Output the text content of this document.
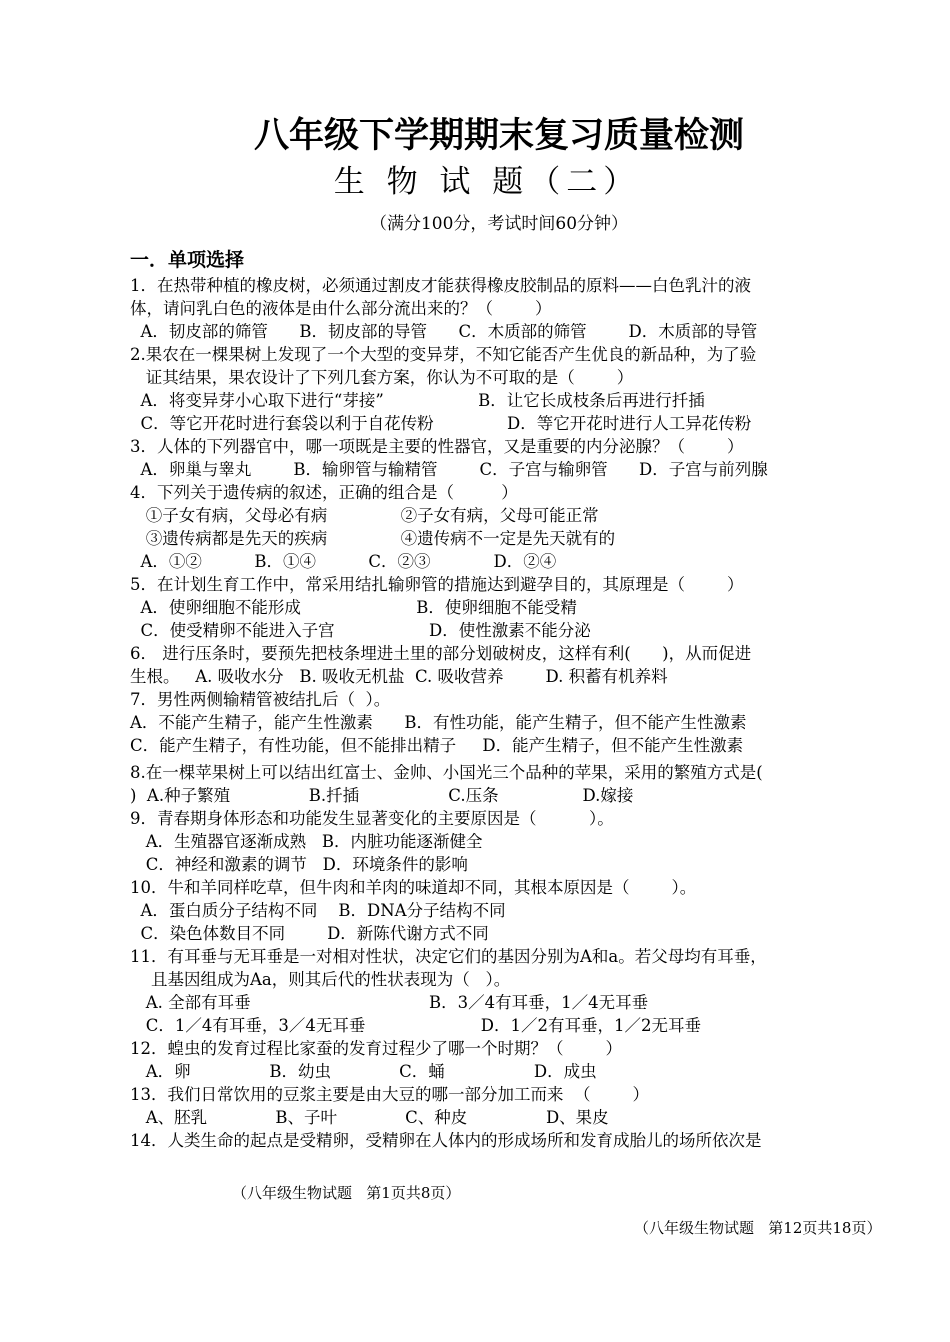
八年级下学期期末复习质量检测
生 物 试 题（二）
（满分100分，考试时间60分钟）
一．单项选择
1．在热带种植的橡皮树，必须通过割皮才能获得橡皮胶制品的原料——白色乳汁的液
体，请问乳白色的液体是由什么部分流出来的？（        ）
A．韧皮部的筛管      B．韧皮部的导管      C．木质部的筛管        D．木质部的导管
2.果农在一棵果树上发现了一个大型的变异芽，不知它能否产生优良的新品种，为了验
证其结果，果农设计了下列几套方案，你认为不可取的是（        ）
A．将变异芽小心取下进行“芽接”                  B．让它长成枝条后再进行扦插
C．等它开花时进行套袋以利于自花传粉              D．等它开花时进行人工异花传粉
3．人体的下列器官中，哪一项既是主要的性器官，又是重要的内分泌腺？（        ）
A．卵巢与睾丸        B．输卵管与输精管        C．子宫与输卵管      D．子宫与前列腺
4．下列关于遗传病的叙述，正确的组合是（         ）
①子女有病，父母必有病              ②子女有病，父母可能正常
③遗传病都是先天的疾病              ④遗传病不一定是先天就有的
A．①②          B．①④          C．②③            D．②④
5．在计划生育工作中，常采用结扎输卵管的措施达到避孕目的，其原理是（        ）
A．使卵细胞不能形成                      B．使卵细胞不能受精
C．使受精卵不能进入子宫                  D．使性激素不能分泌
6． 进行压条时，要预先把枝条埋进土里的部分划破树皮，这样有利(      )，从而促进
生根。   A. 吸收水分   B. 吸收无机盐  C. 吸收营养        D. 积蓄有机养料
7．男性两侧输精管被结扎后（  ）。
A．不能产生精子，能产生性激素      B．有性功能，能产生精子，但不能产生性激素
C．能产生精子，有性功能，但不能排出精子     D．能产生精子，但不能产生性激素
8.在一棵苹果树上可以结出红富士、金帅、小国光三个品种的苹果，采用的繁殖方式是(
)  A.种子繁殖               B.扦插                 C.压条                D.嫁接
9．青春期身体形态和功能发生显著变化的主要原因是（          ）。
A．生殖器官逐渐成熟   B．内脏功能逐渐健全
C．神经和激素的调节   D．环境条件的影响
10．牛和羊同样吃草，但牛肉和羊肉的味道却不同，其根本原因是（        ）。
A．蛋白质分子结构不同    B．DNA分子结构不同
C．染色体数目不同        D．新陈代谢方式不同
11．有耳垂与无耳垂是一对相对性状，决定它们的基因分别为A和a。若父母均有耳垂，
且基因组成为Aa，则其后代的性状表现为（   ）。
A. 全部有耳垂                                  B．3／4有耳垂，1／4无耳垂
C．1／4有耳垂，3／4无耳垂                      D．1／2有耳垂，1／2无耳垂
12．蝗虫的发育过程比家蚕的发育过程少了哪一个时期？（        ）
A．卵               B．幼虫             C．蛹                 D．成虫
13．我们日常饮用的豆浆主要是由大豆的哪一部分加工而来  （        ）
A、胚乳             B、子叶             C、种皮               D、果皮
14．人类生命的起点是受精卵，受精卵在人体内的形成场所和发育成胎儿的场所依次是
（八年级生物试题   第1页共8页）
（八年级生物试题   第12页共18页）
